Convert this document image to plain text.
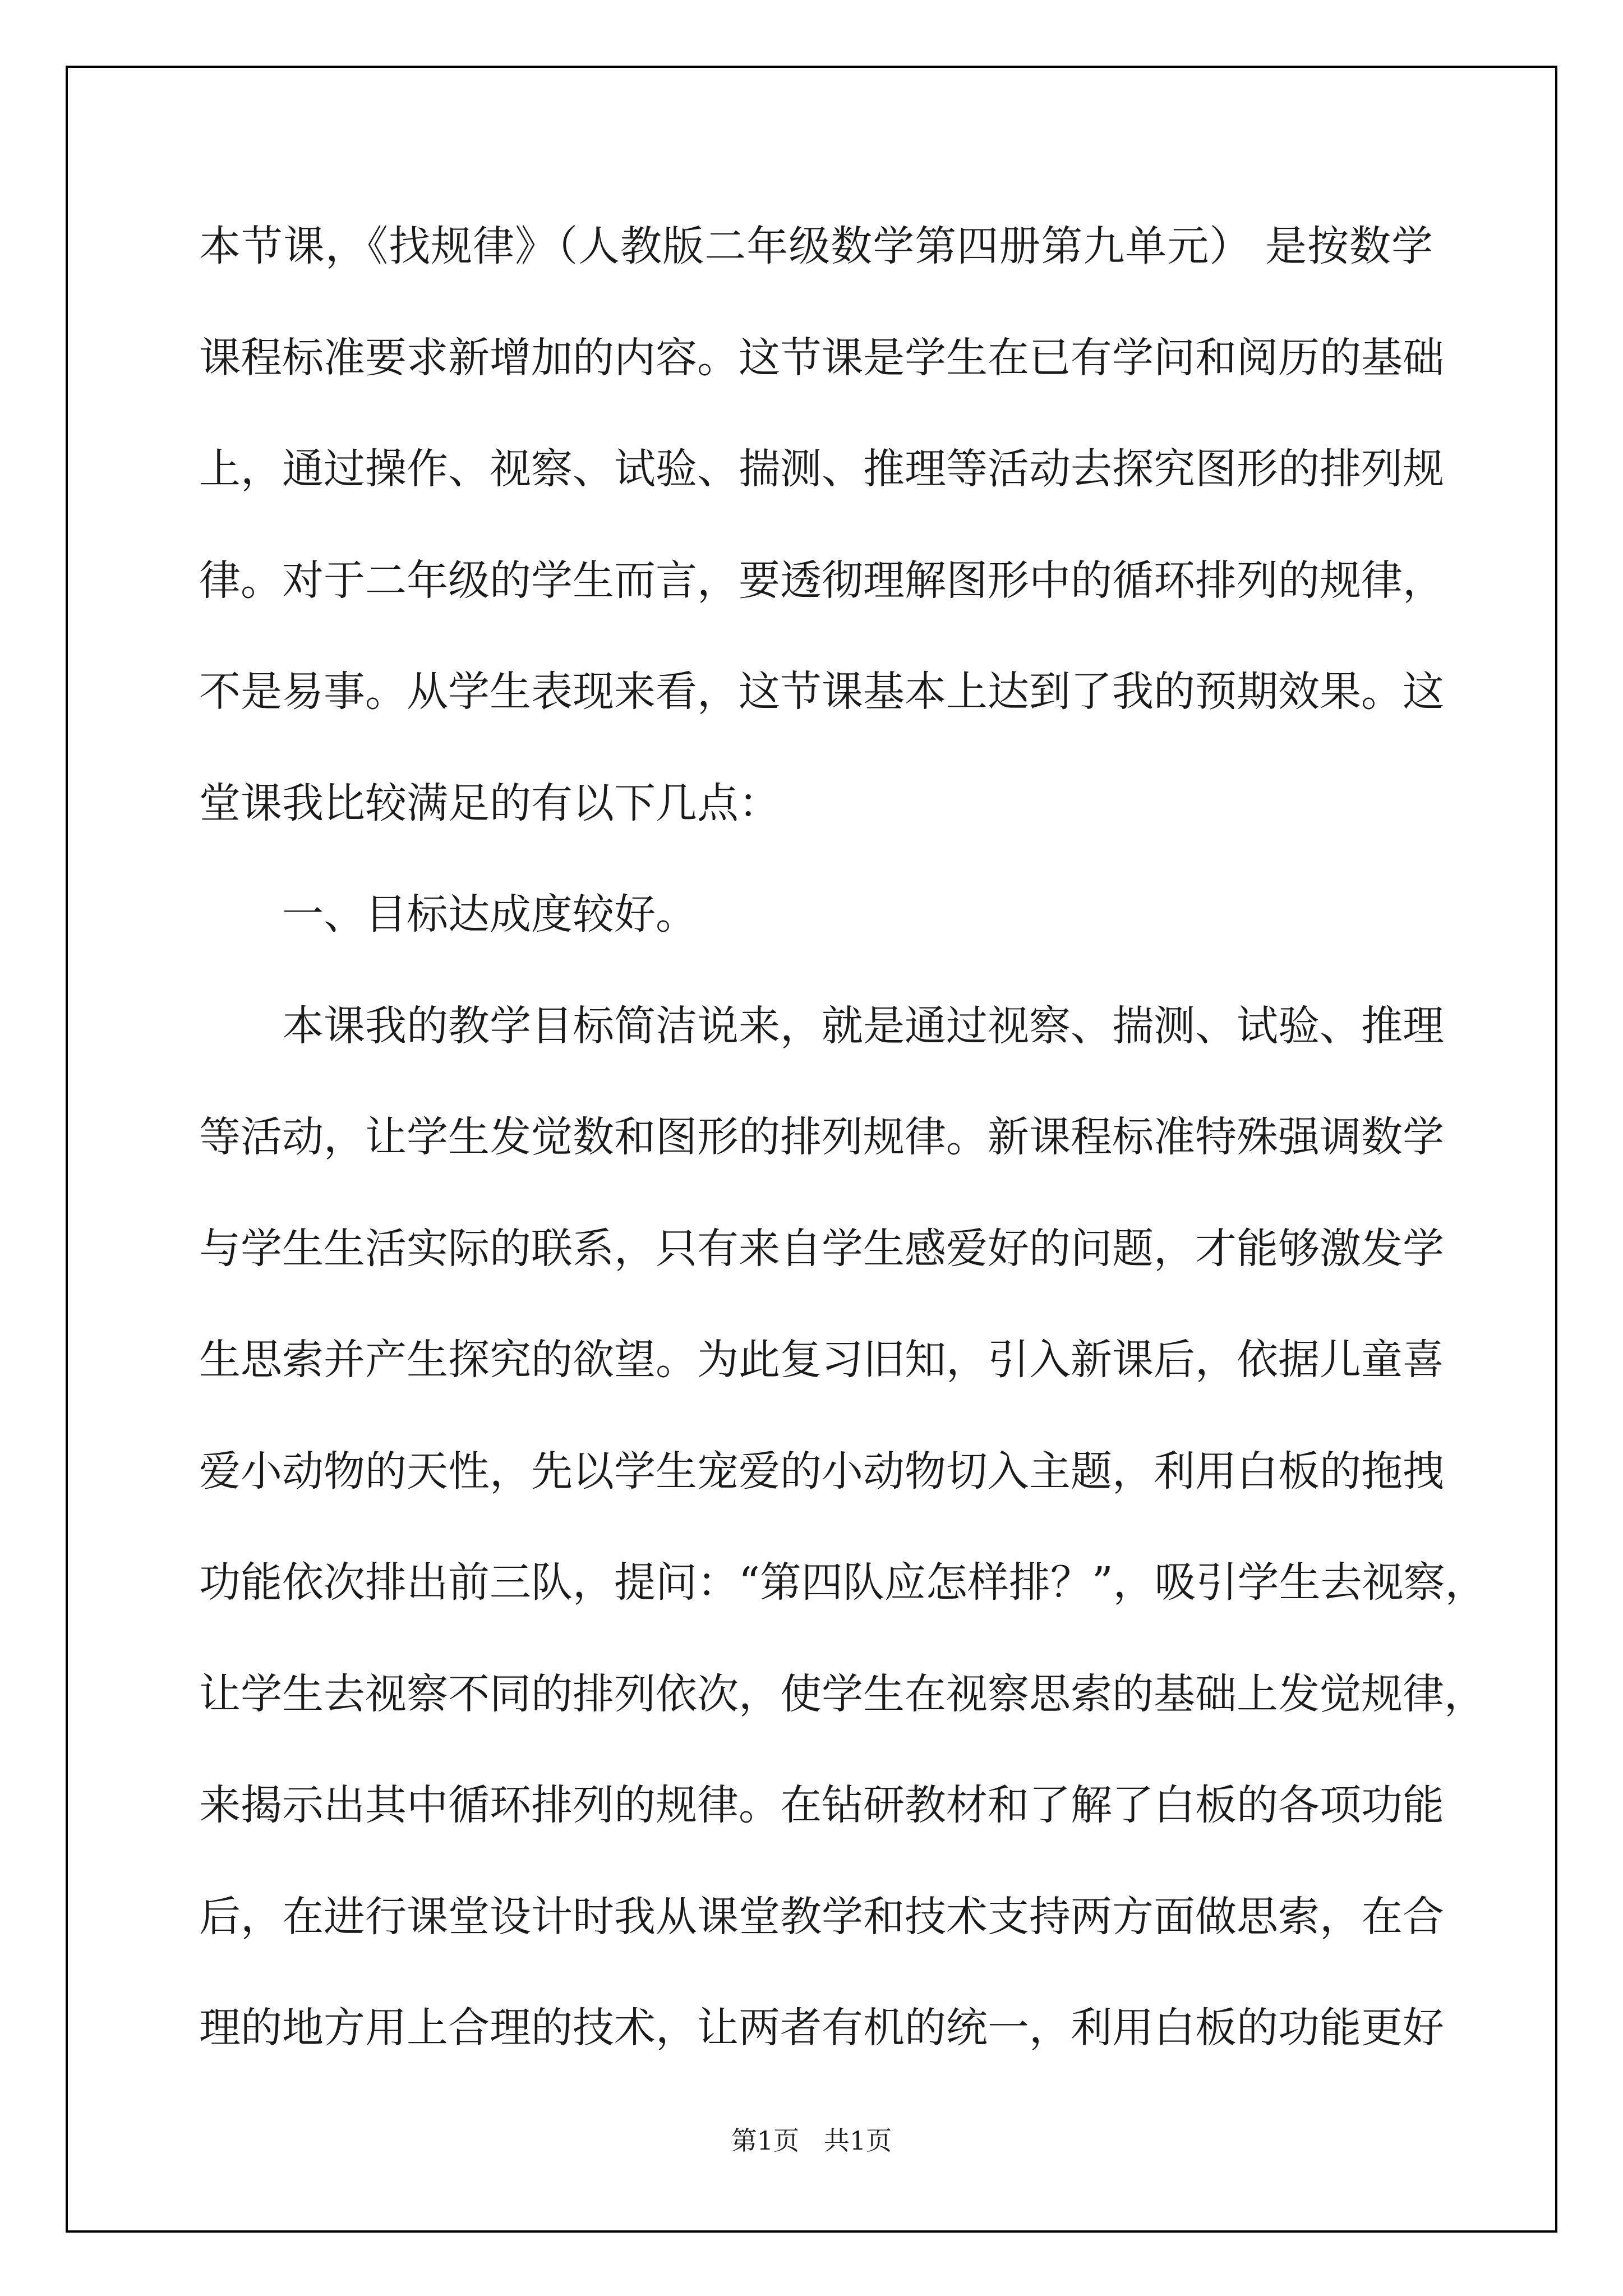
本节课，《找规律》（人教版二年级数学第四册第九单元） 是按数学
课程标准要求新增加的内容。这节课是学生在已有学问和阅历的基础
上，通过操作、视察、试验、揣测、推理等活动去探究图形的排列规
律。对于二年级的学生而言，要透彻理解图形中的循环排列的规律，
不是易事。从学生表现来看，这节课基本上达到了我的预期效果。这
堂课我比较满足的有以下几点：
一、目标达成度较好。
本课我的教学目标简洁说来，就是通过视察、揣测、试验、推理
等活动，让学生发觉数和图形的排列规律。新课程标准特殊强调数学
与学生生活实际的联系，只有来自学生感爱好的问题，才能够激发学
生思索并产生探究的欲望。为此复习旧知，引入新课后，依据儿童喜
爱小动物的天性，先以学生宠爱的小动物切入主题，利用白板的拖拽
功能依次排出前三队，提问：“第四队应怎样排？”，吸引学生去视察，
让学生去视察不同的排列依次，使学生在视察思索的基础上发觉规律，
来揭示出其中循环排列的规律。在钻研教材和了解了白板的各项功能
后，在进行课堂设计时我从课堂教学和技术支持两方面做思索，在合
理的地方用上合理的技术，让两者有机的统一，利用白板的功能更好
第1页   共1页
